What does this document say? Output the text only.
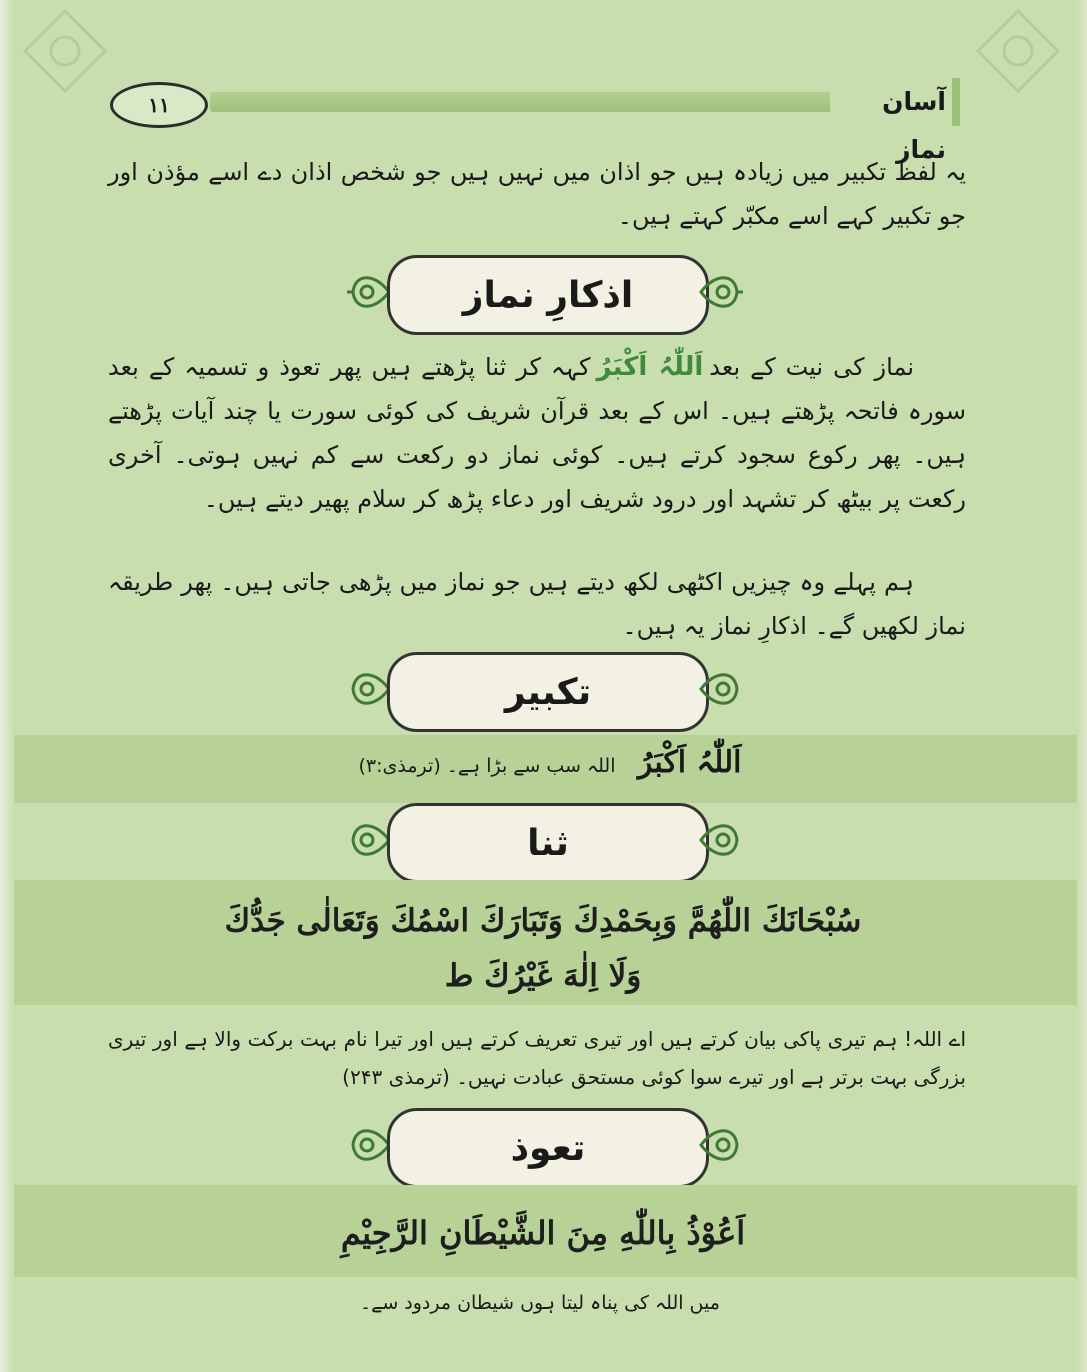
۱۱	آسان نماز
یہ لفظ تکبیر میں زیادہ ہیں جو اذان میں نہیں ہیں جو شخص اذان دے اسے مؤذن اور جو تکبیر کہے اسے مکبّر کہتے ہیں۔
اذکارِ نماز
نماز کی نیت کے بعداَللّٰہُ اَکْبَرُکہہ کر ثنا پڑھتے ہیں پھر تعوذ و تسمیہ کے بعد سورہ فاتحہ پڑھتے ہیں۔ اس کے بعد قرآن شریف کی کوئی سورت یا چند آیات پڑھتے ہیں۔ پھر رکوع سجود کرتے ہیں۔ کوئی نماز دو رکعت سے کم نہیں ہوتی۔ آخری رکعت پر بیٹھ کر تشہد اور درود شریف اور دعاء پڑھ کر سلام پھیر دیتے ہیں۔
ہم پہلے وہ چیزیں اکٹھی لکھ دیتے ہیں جو نماز میں پڑھی جاتی ہیں۔ پھر طریقہ نماز لکھیں گے۔ اذکارِ نماز یہ ہیں۔
تکبیر
اَللّٰہُ اَکْبَرُ اللہ سب سے بڑا ہے۔ (ترمذی:۳)
ثنا
سُبْحَانَكَ اللّٰهُمَّ وَبِحَمْدِكَ وَتَبَارَكَ اسْمُكَ وَتَعَالٰى جَدُّكَ
وَلَا اِلٰهَ غَيْرُكَ ط
اے اللہ! ہم تیری پاکی بیان کرتے ہیں اور تیری تعریف کرتے ہیں اور تیرا نام بہت برکت والا ہے اور تیری بزرگی بہت برتر ہے اور تیرے سوا کوئی مستحق عبادت نہیں۔ (ترمذی ۲۴۳)
تعوذ
اَعُوْذُ بِاللّٰهِ مِنَ الشَّيْطَانِ الرَّجِيْمِ
میں اللہ کی پناہ لیتا ہوں شیطان مردود سے۔
